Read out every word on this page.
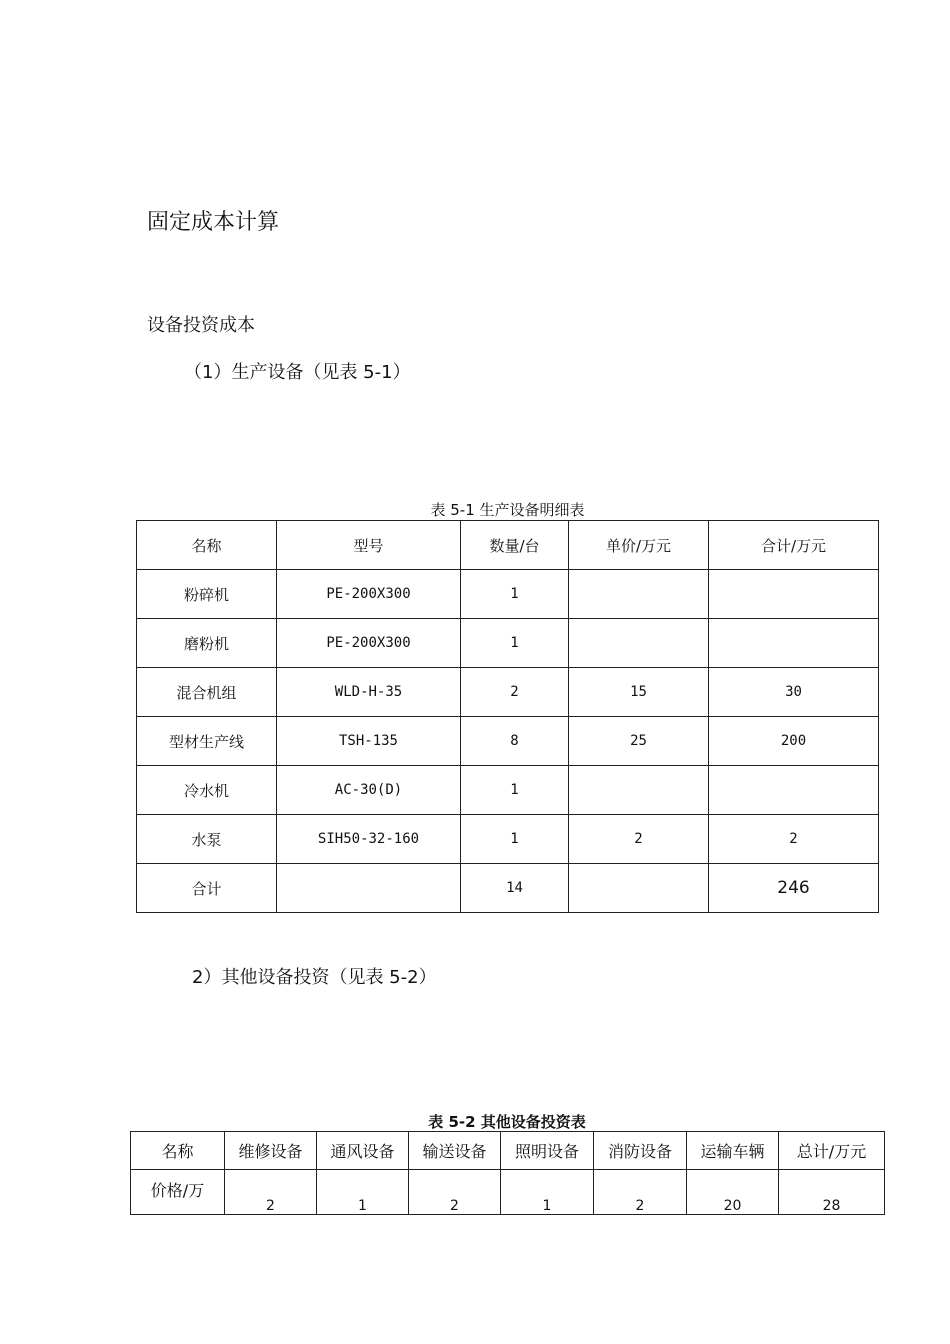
固定成本计算
设备投资成本
（1）生产设备（见表 5-1）
表 5-1 生产设备明细表
名称	型号	数量/台	单价/万元	合计/万元
粉碎机	PE-200X300	1		
磨粉机	PE-200X300	1		
混合机组	WLD-H-35	2	15	30
型材生产线	TSH-135	8	25	200
冷水机	AC-30(D)	1		
水泵	SIH50-32-160	1	2	2
合计		14		246
2）其他设备投资（见表 5-2）
表 5-2 其他设备投资表
名称	维修设备	通风设备	输送设备	照明设备	消防设备	运输车辆	总计/万元
价格/万	2	1	2	1	2	20	28
